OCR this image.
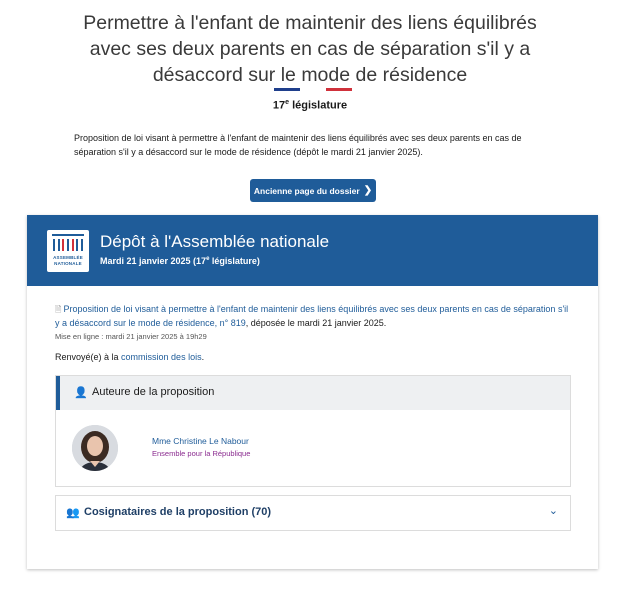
Permettre à l'enfant de maintenir des liens équilibrés avec ses deux parents en cas de séparation s'il y a désaccord sur le mode de résidence
17e législature

Proposition de loi visant à permettre à l'enfant de maintenir des liens équilibrés avec ses deux parents en cas de séparation s'il y a désaccord sur le mode de résidence (dépôt le mardi 21 janvier 2025).

Ancienne page du dossier ❯
ASSEMBLÉE NATIONALE
Dépôt à l'Assemblée nationale
Mardi 21 janvier 2025 (17e législature)

🗎 Proposition de loi visant à permettre à l'enfant de maintenir des liens équilibrés avec ses deux parents en cas de séparation s'il y a désaccord sur le mode de résidence, n° 819, déposée le mardi 21 janvier 2025.

Mise en ligne : mardi 21 janvier 2025 à 19h29
Renvoyé(e) à la commission des lois.
👤 Auteure de la proposition
Mme Christine Le Nabour
Ensemble pour la République
👥 Cosignataires de la proposition (70)	⌄
